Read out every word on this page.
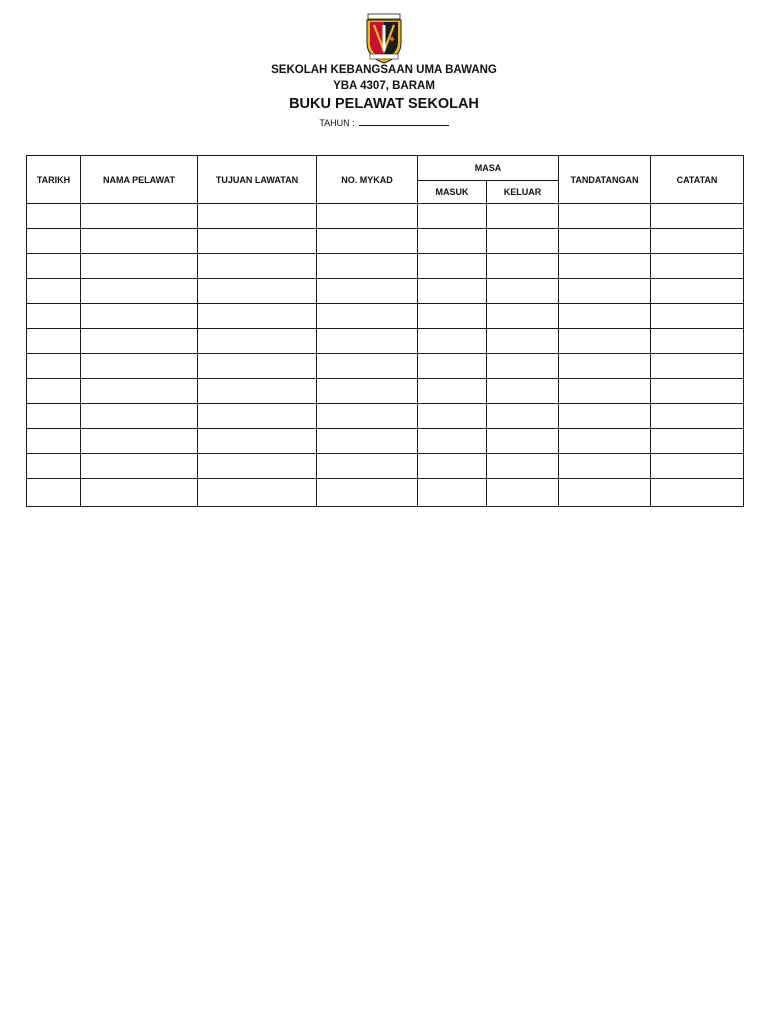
SEKOLAH KEBANGSAAN UMA BAWANG
YBA 4307, BARAM
BUKU PELAWAT SEKOLAH
TAHUN :
TARIKH	NAMA PELAWAT	TUJUAN LAWATAN	NO. MYKAD	MASA		TANDATANGAN	CATATAN
				MASUK	KELUAR		
